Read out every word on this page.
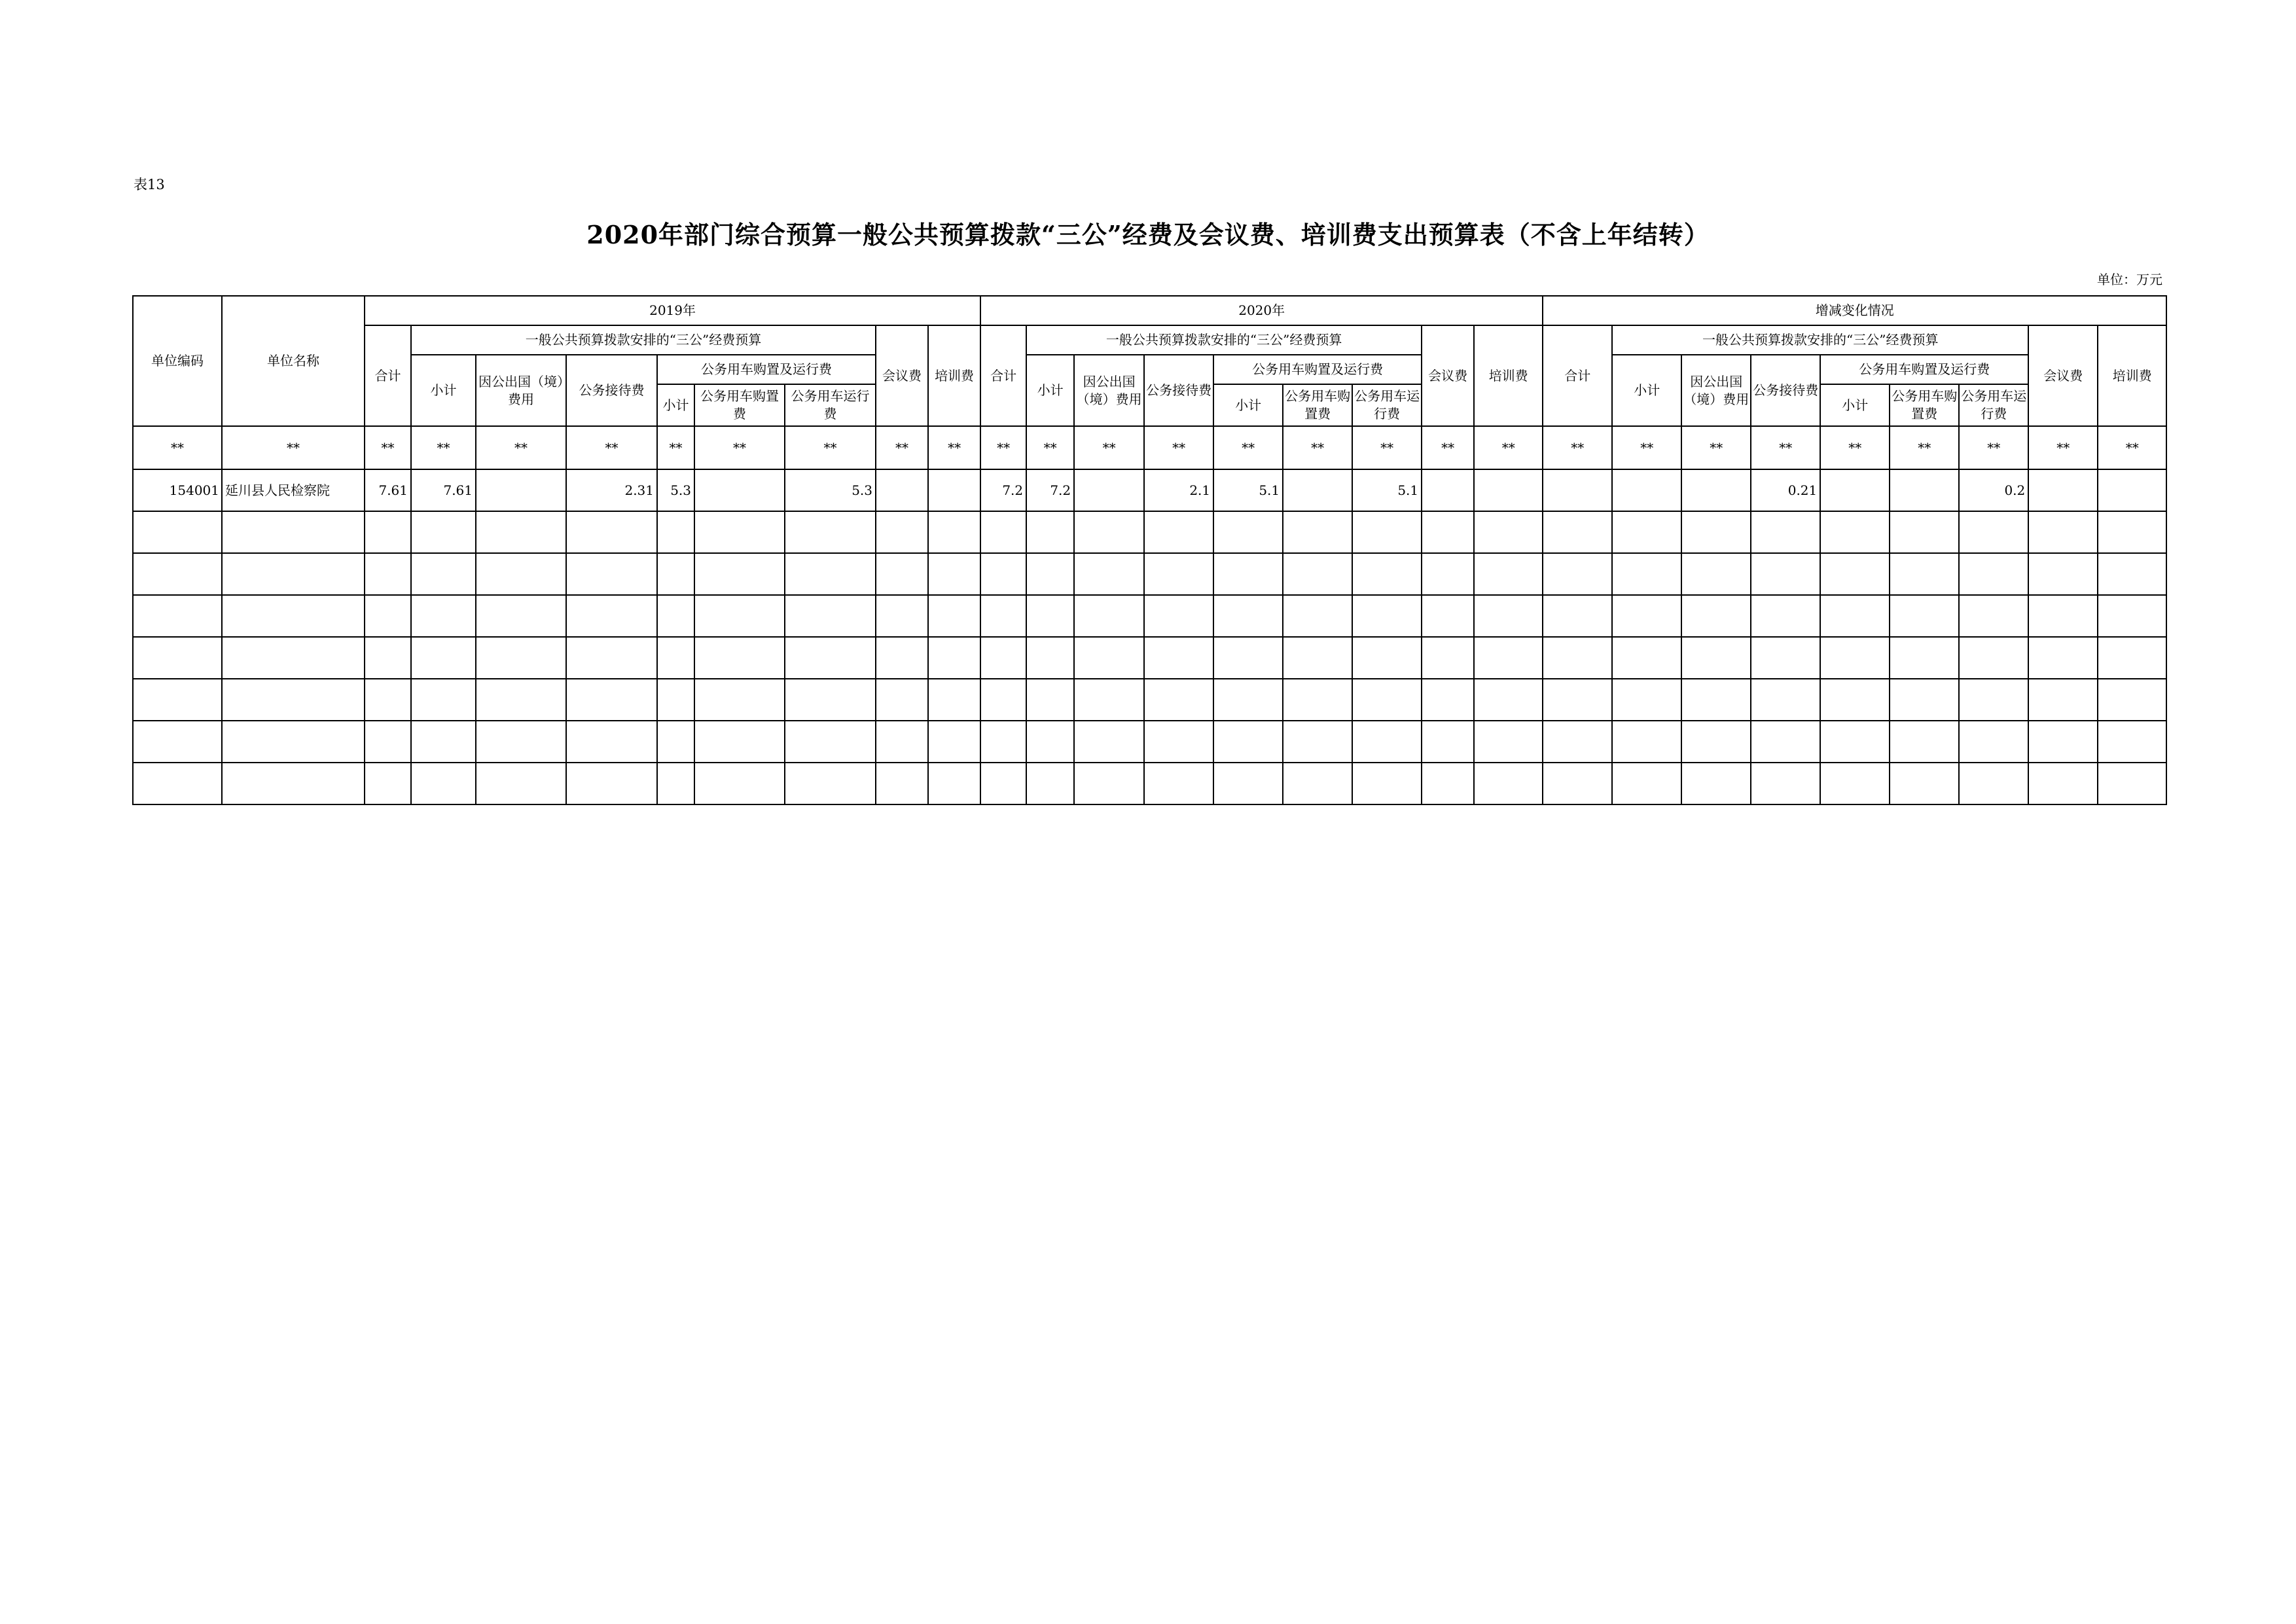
表13
2020年部门综合预算一般公共预算拨款“三公”经费及会议费、培训费支出预算表（不含上年结转）
单位：万元
单位编码	单位名称	2019年									2020年									增减变化情况								
		合计	一般公共预算拨款安排的“三公”经费预算						会议费	培训费	合计	一般公共预算拨款安排的“三公”经费预算						会议费	培训费	合计	一般公共预算拨款安排的“三公”经费预算						会议费	培训费
			小计	因公出国（境）费用	公务接待费	公务用车购置及运行费						小计	因公出国（境）费用	公务接待费	公务用车购置及运行费						小计	因公出国（境）费用	公务接待费	公务用车购置及运行费				
						小计	公务用车购置费	公务用车运行费							小计	公务用车购置费	公务用车运行费							小计	公务用车购置费	公务用车运行费		
**	**	**	**	**	**	**	**	**	**	**	**	**	**	**	**	**	**	**	**	**	**	**	**	**	**	**	**	**
154001	延川县人民检察院	7.61	7.61		2.31	5.3		5.3			7.2	7.2		2.1	5.1		5.1						0.21			0.2		
